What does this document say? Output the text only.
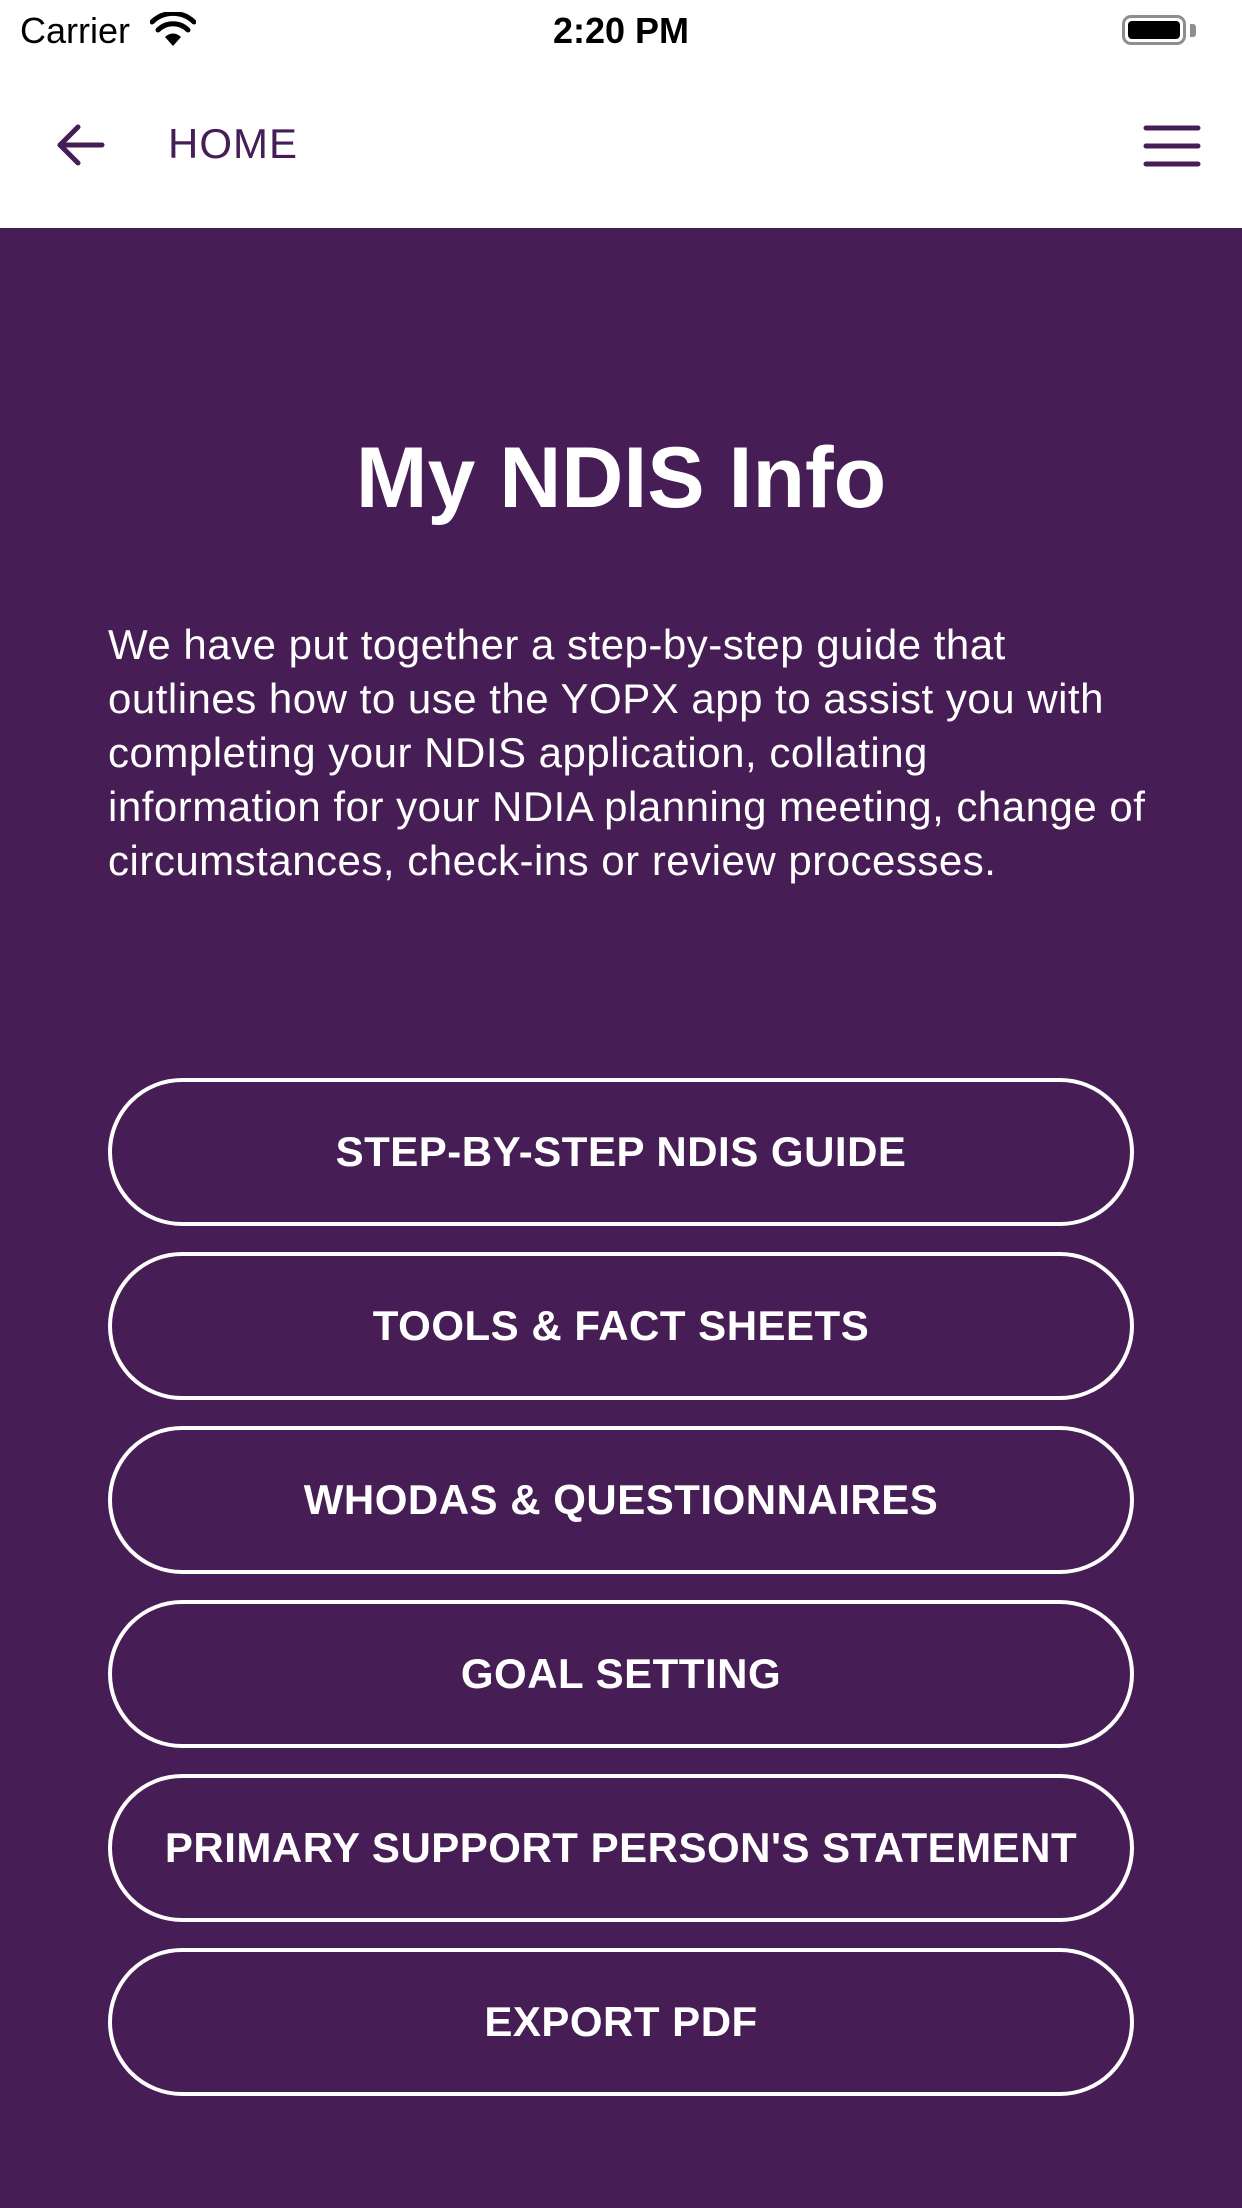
Carrier	2:20 PM
HOME
My NDIS Info

We have put together a step-by-step guide that outlines how to use the YOPX app to assist you with completing your NDIS application, collating information for your NDIA planning meeting, change of circumstances, check-ins or review processes.

STEP-BY-STEP NDIS GUIDE
TOOLS & FACT SHEETS
WHODAS & QUESTIONNAIRES
GOAL SETTING
PRIMARY SUPPORT PERSON'S STATEMENT
EXPORT PDF
